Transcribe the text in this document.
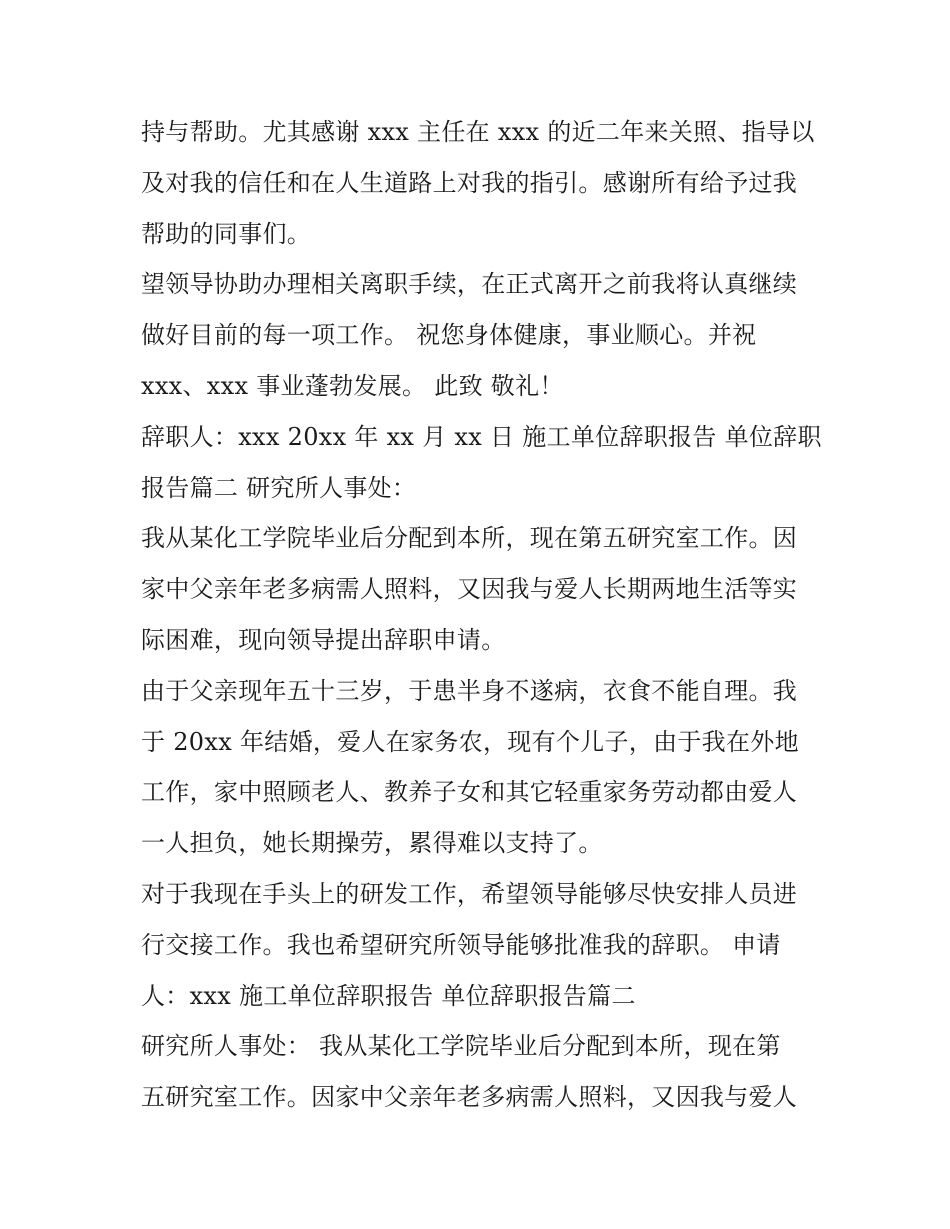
持与帮助。尤其感谢 xxx 主任在 xxx 的近二年来关照、指导以
及对我的信任和在人生道路上对我的指引。感谢所有给予过我
帮助的同事们。
望领导协助办理相关离职手续，在正式离开之前我将认真继续
做好目前的每一项工作。 祝您身体健康，事业顺心。并祝
xxx、xxx 事业蓬勃发展。 此致 敬礼！
辞职人：xxx 20xx 年 xx 月 xx 日 施工单位辞职报告 单位辞职
报告篇二 研究所人事处：
我从某化工学院毕业后分配到本所，现在第五研究室工作。因
家中父亲年老多病需人照料，又因我与爱人长期两地生活等实
际困难，现向领导提出辞职申请。
由于父亲现年五十三岁，于患半身不遂病，衣食不能自理。我
于 20xx 年结婚，爱人在家务农，现有个儿子，由于我在外地
工作，家中照顾老人、教养子女和其它轻重家务劳动都由爱人
一人担负，她长期操劳，累得难以支持了。
对于我现在手头上的研发工作，希望领导能够尽快安排人员进
行交接工作。我也希望研究所领导能够批准我的辞职。 申请
人：xxx 施工单位辞职报告 单位辞职报告篇二
研究所人事处： 我从某化工学院毕业后分配到本所，现在第
五研究室工作。因家中父亲年老多病需人照料，又因我与爱人
